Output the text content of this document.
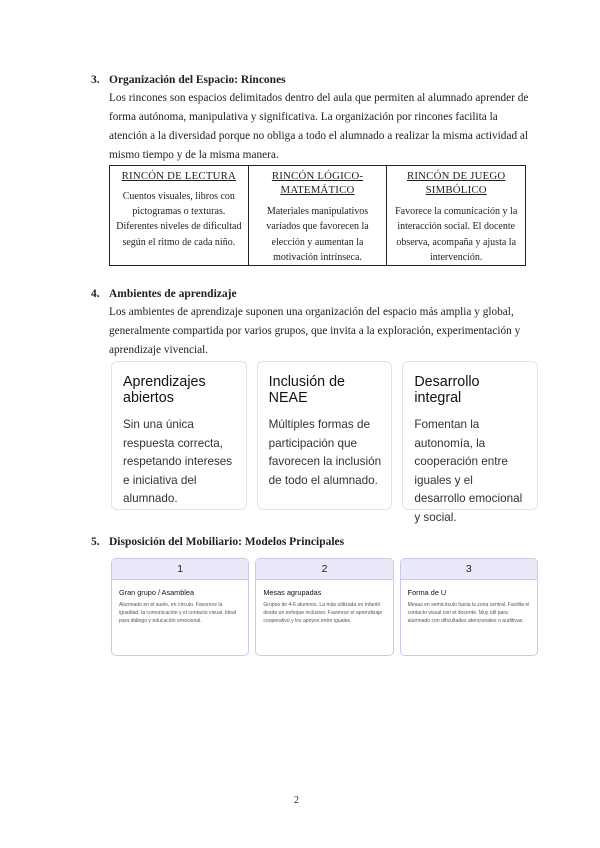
3. Organización del Espacio: Rincones
Los rincones son espacios delimitados dentro del aula que permiten al alumnado aprender de forma autónoma, manipulativa y significativa. La organización por rincones facilita la atención a la diversidad porque no obliga a todo el alumnado a realizar la misma actividad al mismo tiempo y de la misma manera.
RINCÓN DE LECTURA
Cuentos visuales, libros con pictogramas o texturas. Diferentes niveles de dificultad según el ritmo de cada niño.
RINCÓN LÓGICO-MATEMÁTICO
Materiales manipulativos variados que favorecen la elección y aumentan la motivación intrínseca.
RINCÓN DE JUEGO SIMBÓLICO
Favorece la comunicación y la interacción social. El docente observa, acompaña y ajusta la intervención.
4. Ambientes de aprendizaje
Los ambientes de aprendizaje suponen una organización del espacio más amplia y global, generalmente compartida por varios grupos, que invita a la exploración, experimentación y aprendizaje vivencial.
Aprendizajes abiertos
Sin una única respuesta correcta, respetando intereses e iniciativa del alumnado.
Inclusión de NEAE
Múltiples formas de participación que favorecen la inclusión de todo el alumnado.
Desarrollo integral
Fomentan la autonomía, la cooperación entre iguales y el desarrollo emocional y social.
5. Disposición del Mobiliario: Modelos Principales
1
Gran grupo / Asamblea
Alumnado en el suelo, en círculo. Favorece la igualdad, la comunicación y el contacto visual. Ideal para diálogo y educación emocional.
2
Mesas agrupadas
Grupos de 4-6 alumnos. La más utilizada en Infantil desde un enfoque inclusivo. Favorece el aprendizaje cooperativo y los apoyos entre iguales.
3
Forma de U
Mesas en semicírculo hacia la zona central. Facilita el contacto visual con el docente. Muy útil para alumnado con dificultades atencionales o auditivas.
2
